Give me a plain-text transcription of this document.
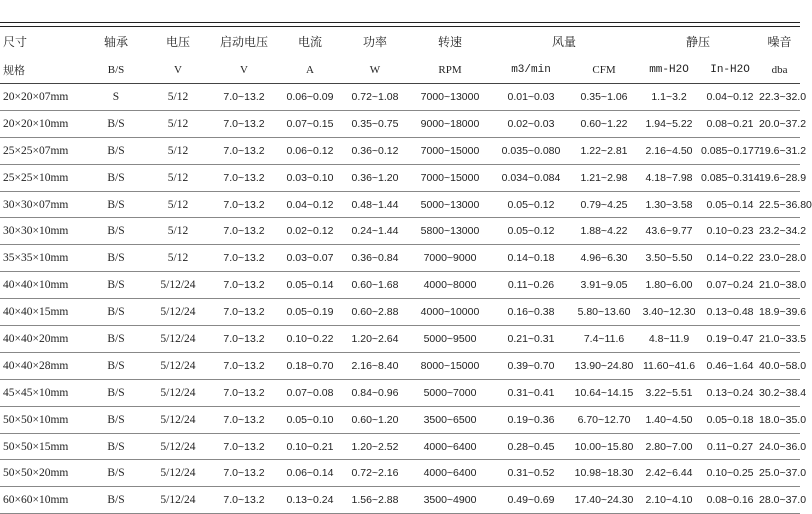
尺寸	轴承	电压	启动电压	电流	功率	转速	风量		静压		噪音
规格	B/S	V	V	A	W	RPM	m3/min	CFM	mm-H2O	In-H2O	dba
20×20×07mm	S	5/12	7.0~13.2	0.06~0.09	0.72~1.08	7000~13000	0.01~0.03	0.35~1.06	1.1~3.2	0.04~0.12	22.3~32.0
20×20×10mm	B/S	5/12	7.0~13.2	0.07~0.15	0.35~0.75	9000~18000	0.02~0.03	0.60~1.22	1.94~5.22	0.08~0.21	20.0~37.2
25×25×07mm	B/S	5/12	7.0~13.2	0.06~0.12	0.36~0.12	7000~15000	0.035~0.080	1.22~2.81	2.16~4.50	0.085~0.177	19.6~31.2
25×25×10mm	B/S	5/12	7.0~13.2	0.03~0.10	0.36~1.20	7000~15000	0.034~0.084	1.21~2.98	4.18~7.98	0.085~0.314	19.6~28.9
30×30×07mm	B/S	5/12	7.0~13.2	0.04~0.12	0.48~1.44	5000~13000	0.05~0.12	0.79~4.25	1.30~3.58	0.05~0.14	22.5~36.80
30×30×10mm	B/S	5/12	7.0~13.2	0.02~0.12	0.24~1.44	5800~13000	0.05~0.12	1.88~4.22	43.6~9.77	0.10~0.23	23.2~34.2
35×35×10mm	B/S	5/12	7.0~13.2	0.03~0.07	0.36~0.84	7000~9000	0.14~0.18	4.96~6.30	3.50~5.50	0.14~0.22	23.0~28.0
40×40×10mm	B/S	5/12/24	7.0~13.2	0.05~0.14	0.60~1.68	4000~8000	0.11~0.26	3.91~9.05	1.80~6.00	0.07~0.24	21.0~38.0
40×40×15mm	B/S	5/12/24	7.0~13.2	0.05~0.19	0.60~2.88	4000~10000	0.16~0.38	5.80~13.60	3.40~12.30	0.13~0.48	18.9~39.6
40×40×20mm	B/S	5/12/24	7.0~13.2	0.10~0.22	1.20~2.64	5000~9500	0.21~0.31	7.4~11.6	4.8~11.9	0.19~0.47	21.0~33.5
40×40×28mm	B/S	5/12/24	7.0~13.2	0.18~0.70	2.16~8.40	8000~15000	0.39~0.70	13.90~24.80	11.60~41.6	0.46~1.64	40.0~58.0
45×45×10mm	B/S	5/12/24	7.0~13.2	0.07~0.08	0.84~0.96	5000~7000	0.31~0.41	10.64~14.15	3.22~5.51	0.13~0.24	30.2~38.4
50×50×10mm	B/S	5/12/24	7.0~13.2	0.05~0.10	0.60~1.20	3500~6500	0.19~0.36	6.70~12.70	1.40~4.50	0.05~0.18	18.0~35.0
50×50×15mm	B/S	5/12/24	7.0~13.2	0.10~0.21	1.20~2.52	4000~6400	0.28~0.45	10.00~15.80	2.80~7.00	0.11~0.27	24.0~36.0
50×50×20mm	B/S	5/12/24	7.0~13.2	0.06~0.14	0.72~2.16	4000~6400	0.31~0.52	10.98~18.30	2.42~6.44	0.10~0.25	25.0~37.0
60×60×10mm	B/S	5/12/24	7.0~13.2	0.13~0.24	1.56~2.88	3500~4900	0.49~0.69	17.40~24.30	2.10~4.10	0.08~0.16	28.0~37.0
